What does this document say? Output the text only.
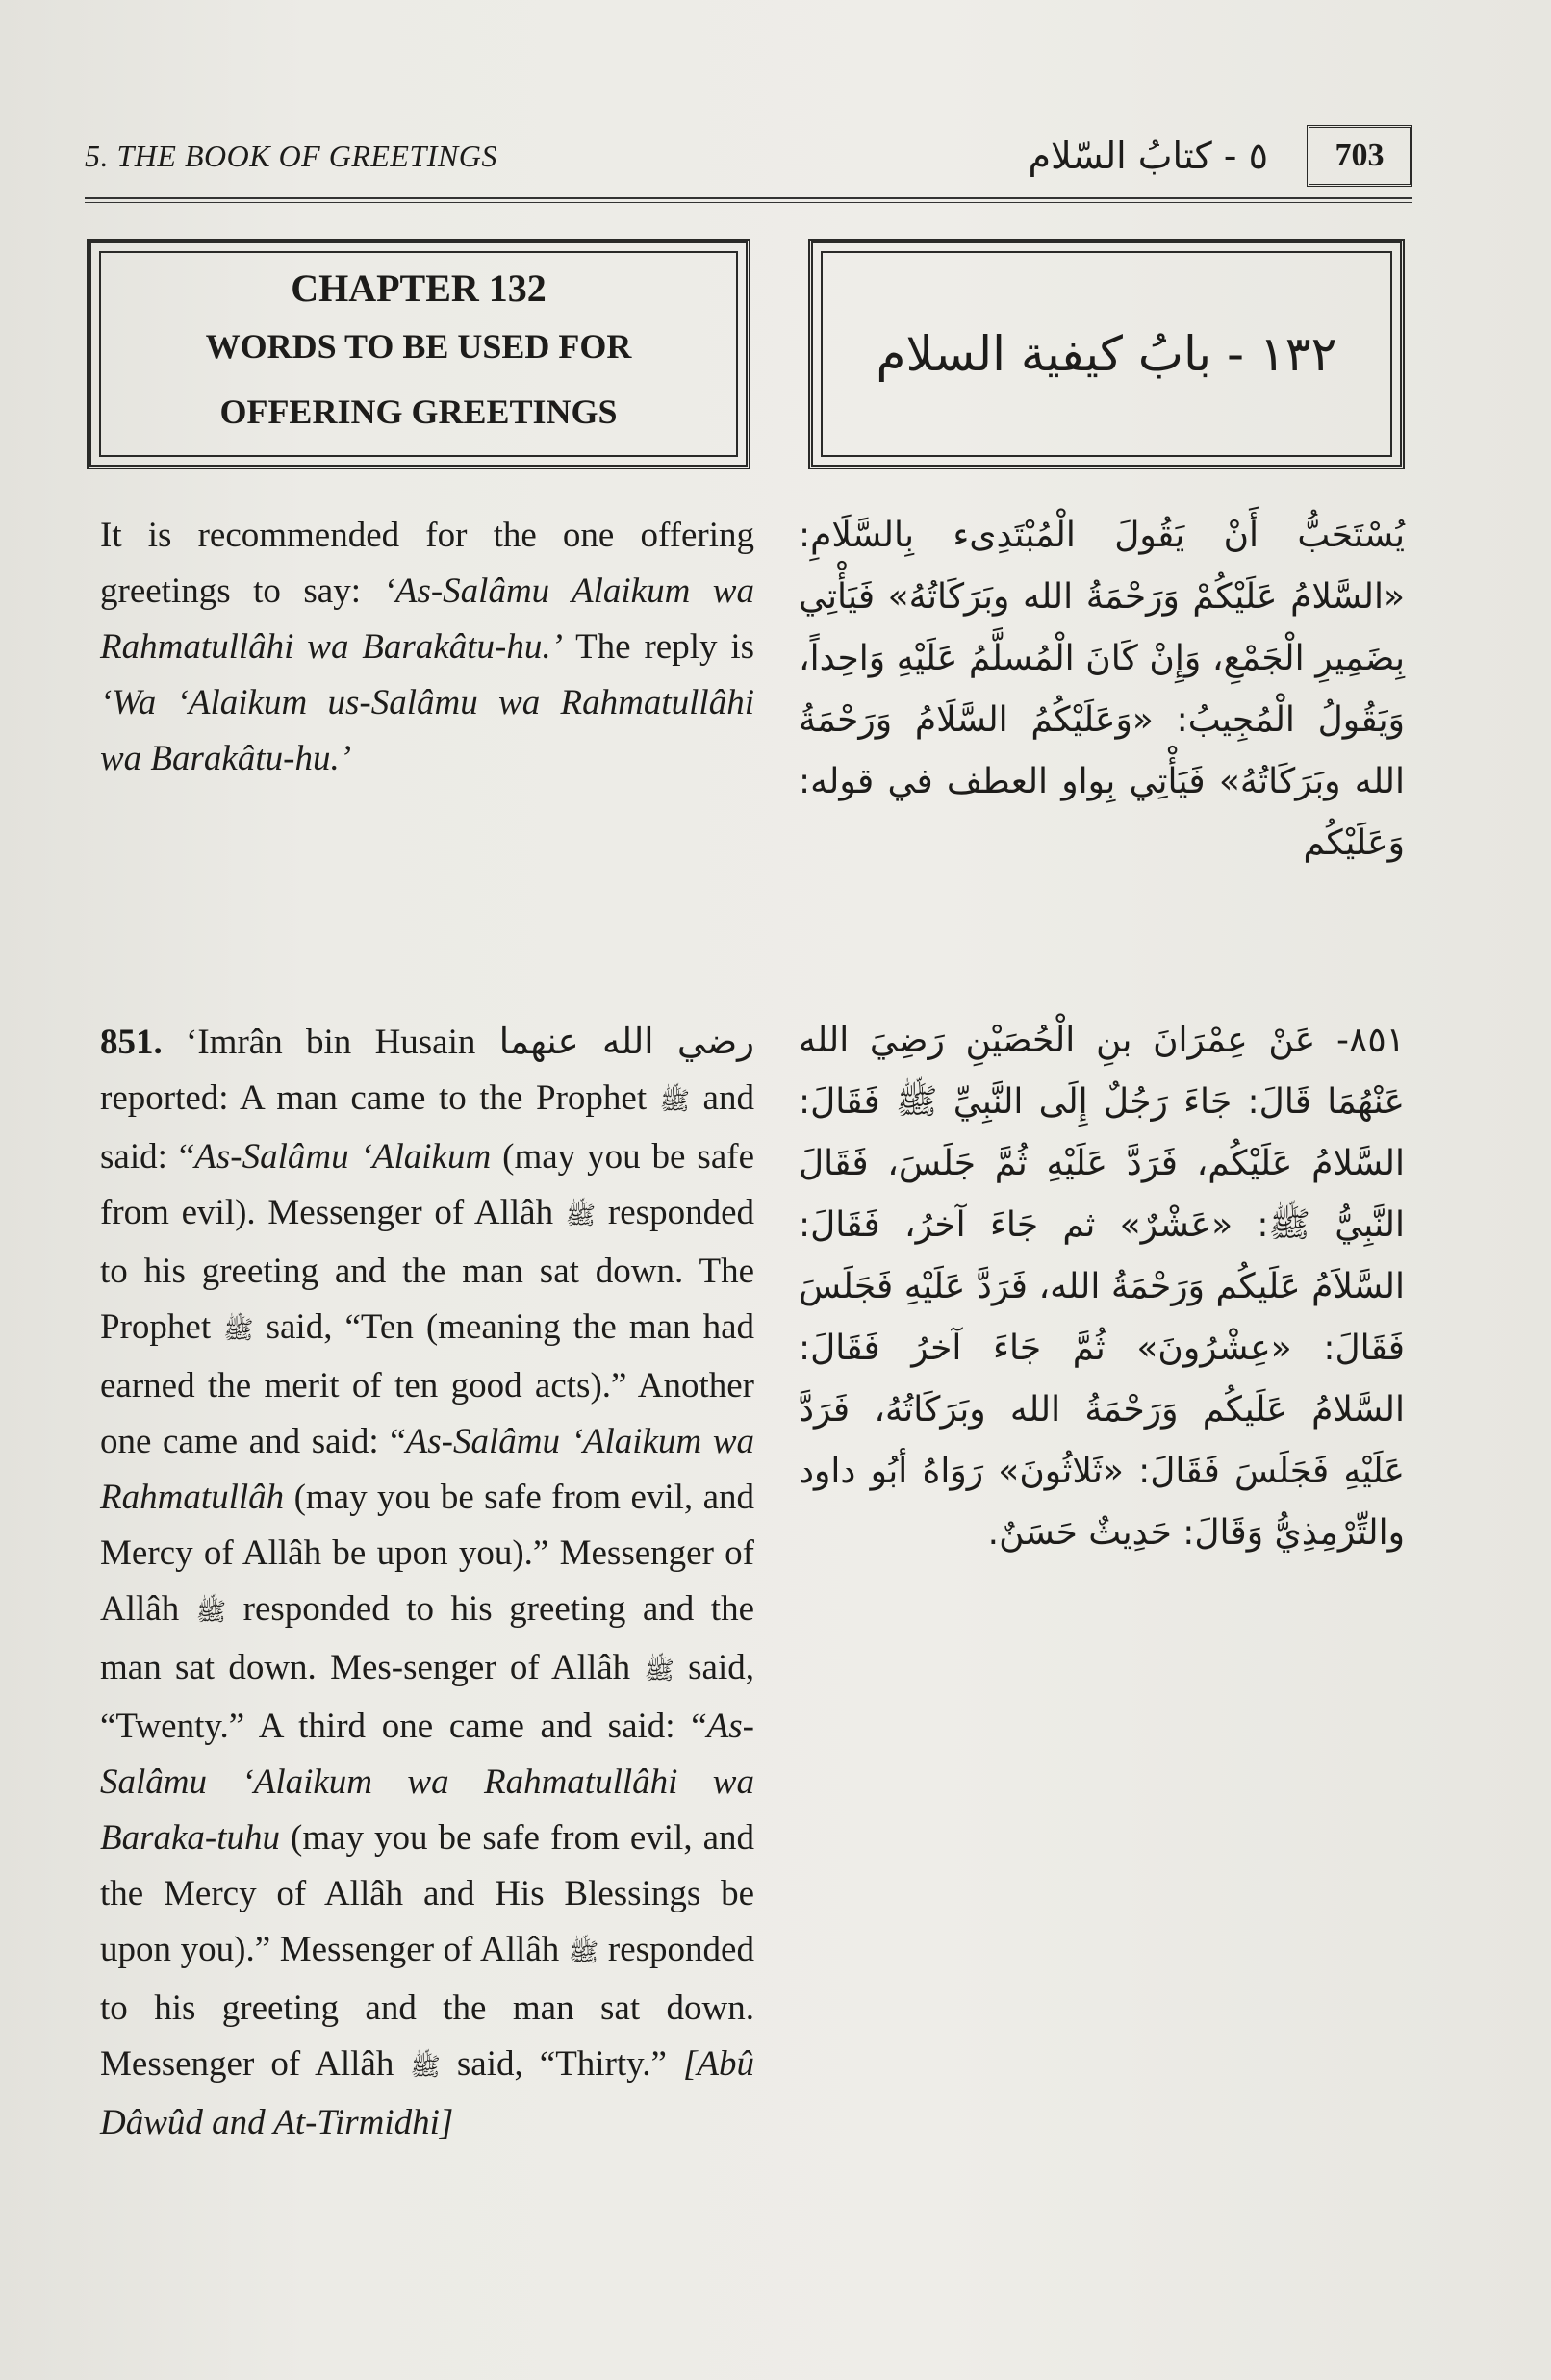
5. THE BOOK OF GREETINGS	٥ - كتابُ السّلام	703
CHAPTER 132
WORDS TO BE USED FOR
OFFERING GREETINGS
١٣٢ - بابُ كيفية السلام

It is recommended for the one offering greetings to say: ‘As-Salâmu Alaikum wa Rahmatullâhi wa Barakâtu-hu.’ The reply is ‘Wa ‘Alaikum us-Salâmu wa Rahmatullâhi wa Barakâtu-hu.’

يُسْتَحَبُّ أَنْ يَقُولَ الْمُبْتَدِىء بِالسَّلَامِ: «السَّلامُ عَلَيْكُمْ وَرَحْمَةُ الله وبَرَكَاتُهُ» فَيَأْتِي بِضَمِيرِ الْجَمْعِ، وَإِنْ كَانَ الْمُسلَّمُ عَلَيْهِ وَاحِداً، وَيَقُولُ الْمُجِيبُ: «وَعَلَيْكُمُ السَّلَامُ وَرَحْمَةُ الله وبَرَكَاتُهُ» فَيَأْتِي بِواو العطف في قوله: وَعَلَيْكُم

851. ‘Imrân bin Husain رضي الله عنهما reported: A man came to the Prophet ﷺ and said: “As-Salâmu ‘Alaikum (may you be safe from evil). Messenger of Allâh ﷺ responded to his greeting and the man sat down. The Prophet ﷺ said, “Ten (meaning the man had earned the merit of ten good acts).” Another one came and said: “As-Salâmu ‘Alaikum wa Rahmatullâh (may you be safe from evil, and Mercy of Allâh be upon you).” Messenger of Allâh ﷺ responded to his greeting and the man sat down. Mes-senger of Allâh ﷺ said, “Twenty.” A third one came and said: “As-Salâmu ‘Alaikum wa Rahmatullâhi wa Baraka-tuhu (may you be safe from evil, and the Mercy of Allâh and His Blessings be upon you).” Messenger of Allâh ﷺ responded to his greeting and the man sat down. Messenger of Allâh ﷺ said, “Thirty.” [Abû Dâwûd and At-Tirmidhi]

٨٥١- عَنْ عِمْرَانَ بنِ الْحُصَيْنِ رَضِيَ الله عَنْهُمَا قَالَ: جَاءَ رَجُلٌ إِلَى النَّبِيِّ ﷺ فَقَالَ: السَّلامُ عَلَيْكُم، فَرَدَّ عَلَيْهِ ثُمَّ جَلَسَ، فَقَالَ النَّبِيُّ ﷺ: «عَشْرٌ» ثم جَاءَ آخرُ، فَقَالَ: السَّلاَمُ عَلَيكُم وَرَحْمَةُ الله، فَرَدَّ عَلَيْهِ فَجَلَسَ فَقَالَ: «عِشْرُونَ» ثُمَّ جَاءَ آخرُ فَقَالَ: السَّلامُ عَلَيكُم وَرَحْمَةُ الله وبَرَكَاتُهُ، فَرَدَّ عَلَيْهِ فَجَلَسَ فَقَالَ: «ثَلاثُونَ» رَوَاهُ أبُو داود والتِّرْمِذِيُّ وَقَالَ: حَدِيثٌ حَسَنٌ.
